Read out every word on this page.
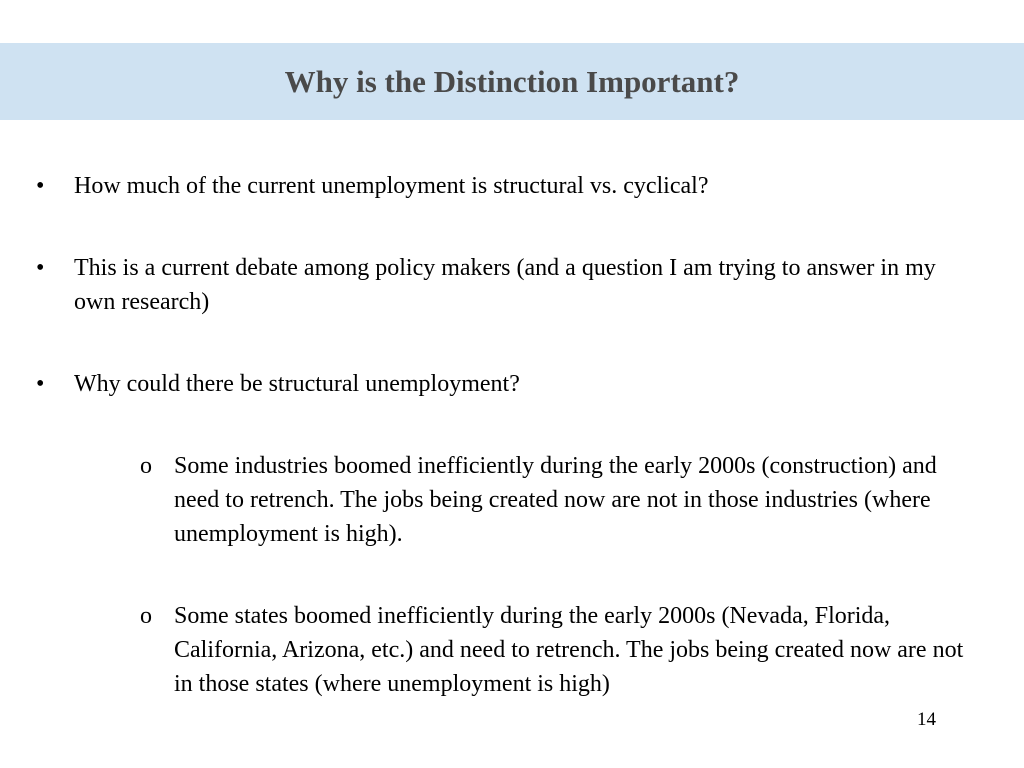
Why is the Distinction Important?
• How much of the current unemployment is structural vs. cyclical?
• This is a current debate among policy makers (and a question I am trying to answer in my own research)
• Why could there be structural unemployment?
o Some industries boomed inefficiently during the early 2000s (construction) and need to retrench. The jobs being created now are not in those industries (where unemployment is high).
o Some states boomed inefficiently during the early 2000s (Nevada, Florida, California, Arizona, etc.) and need to retrench. The jobs being created now are not in those states (where unemployment is high)
14
